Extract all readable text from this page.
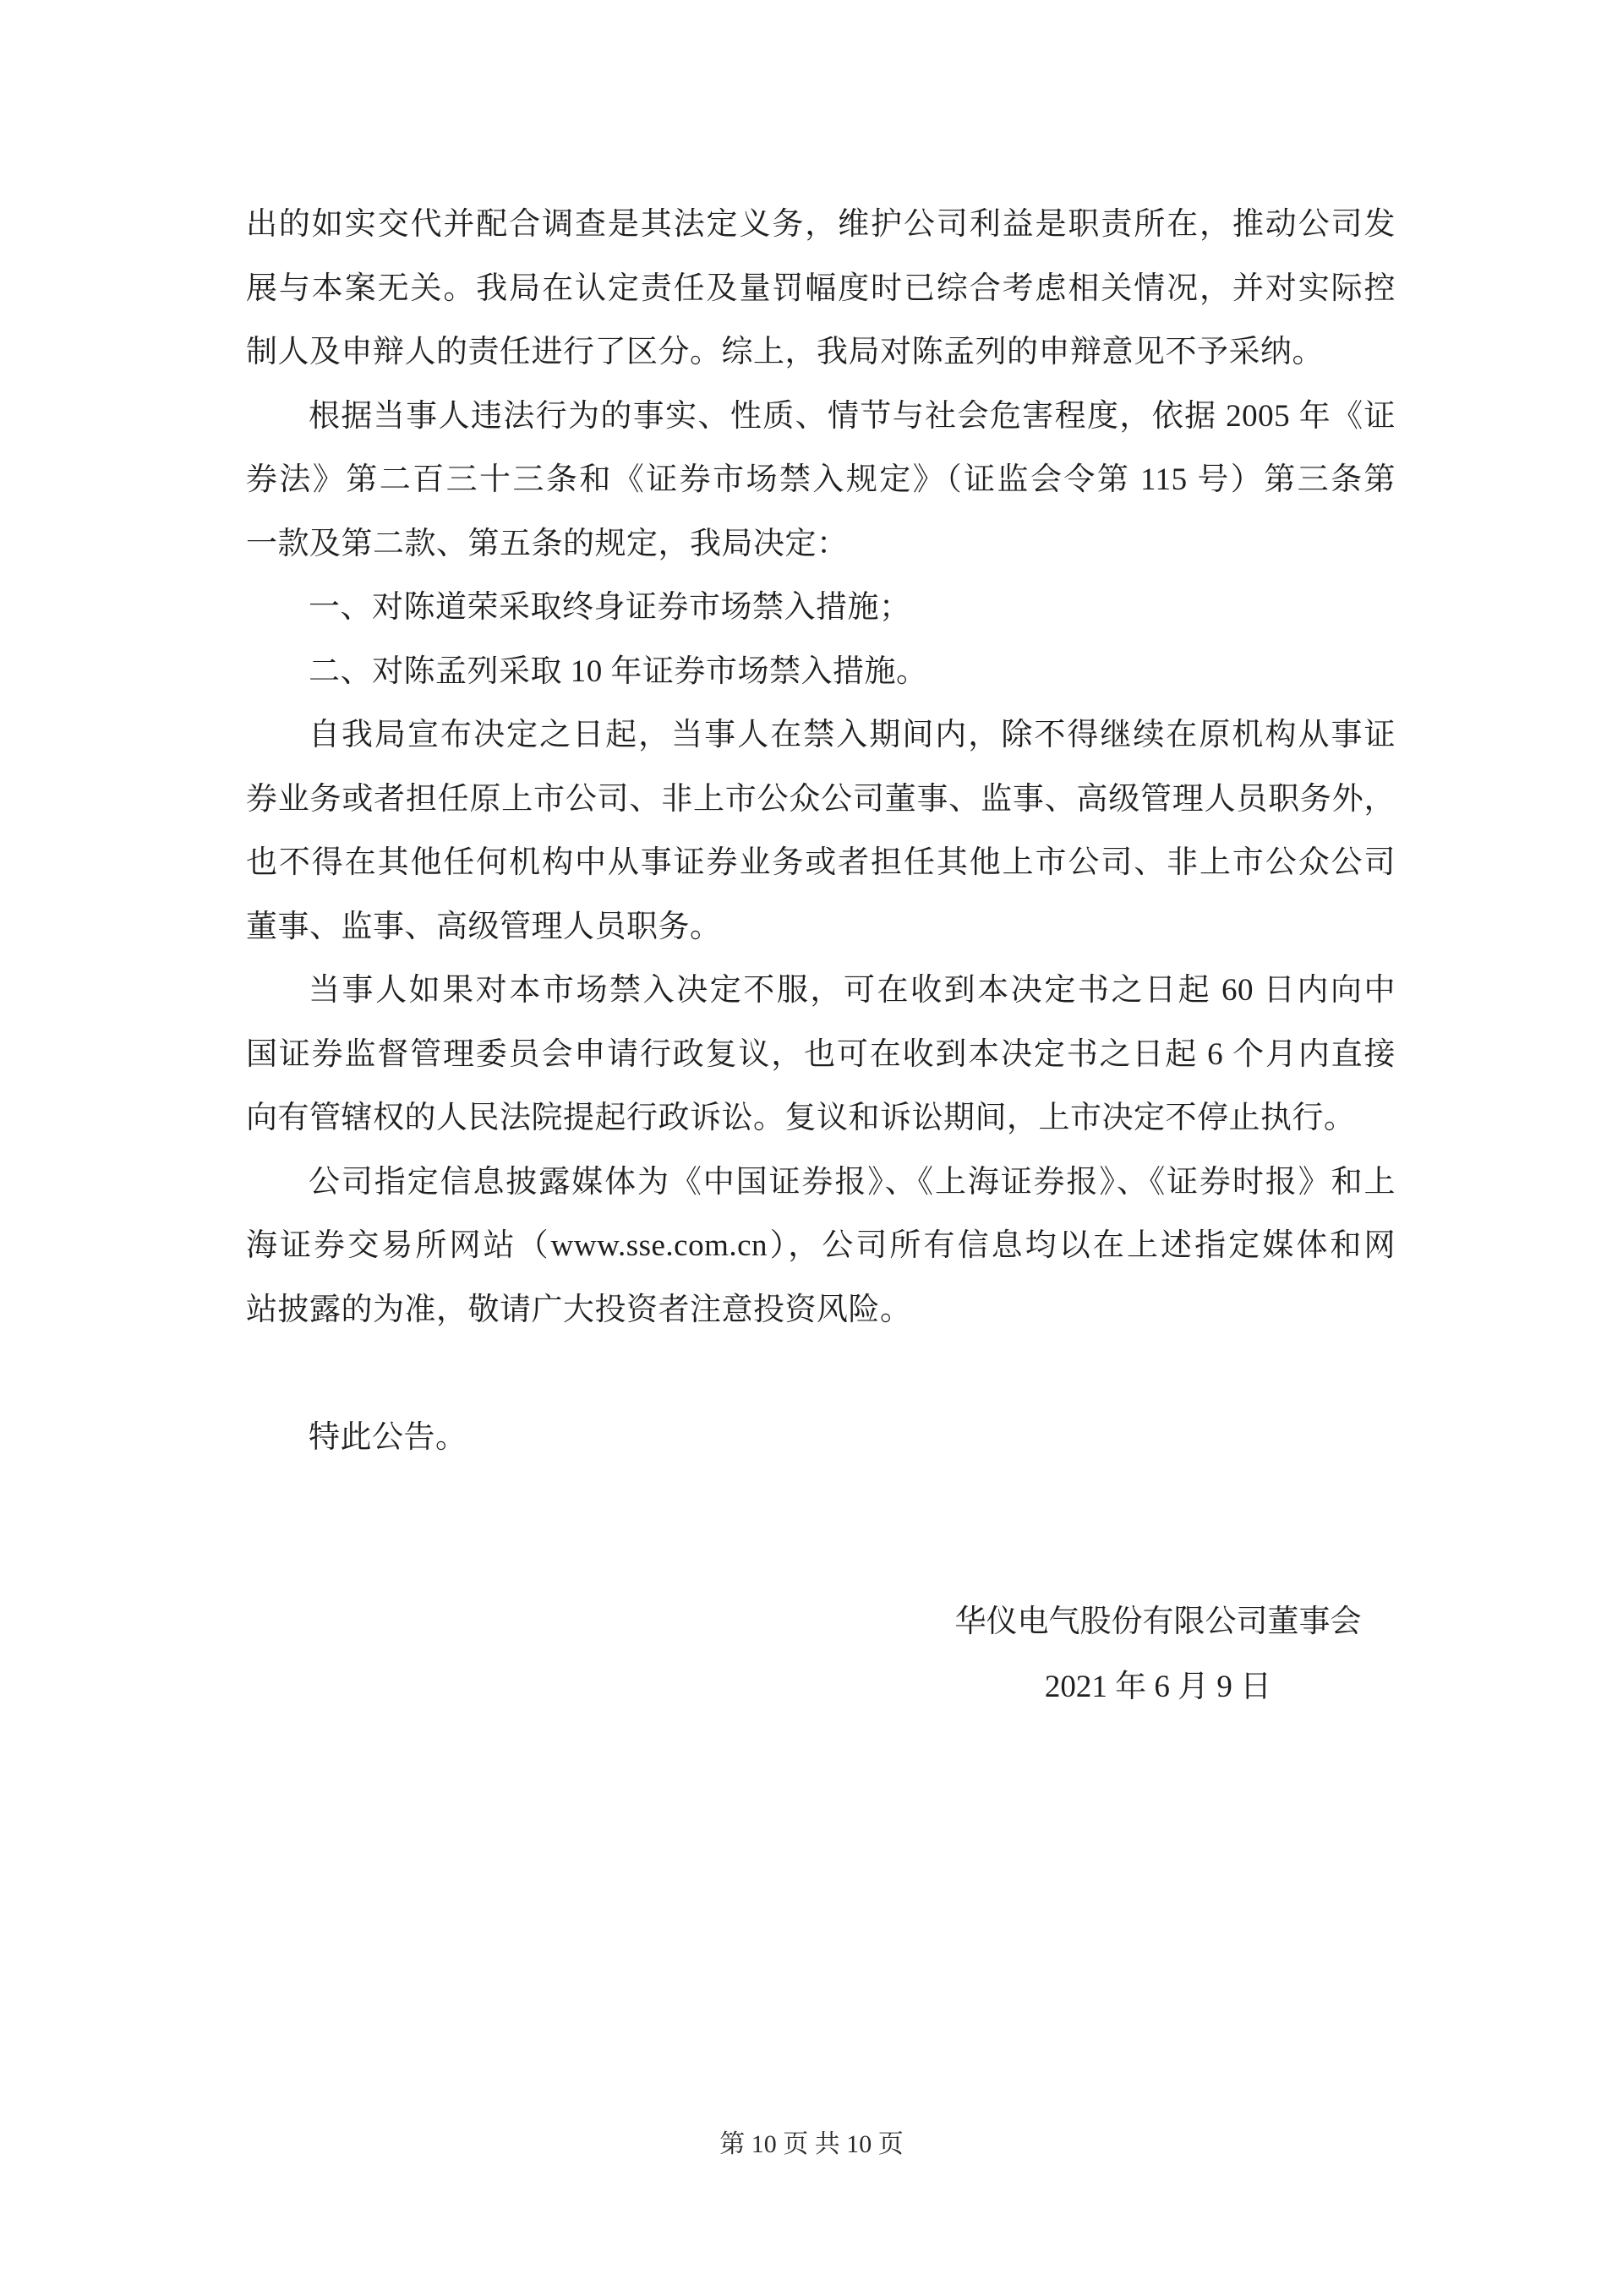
出的如实交代并配合调查是其法定义务，维护公司利益是职责所在，推动公司发
展与本案无关。我局在认定责任及量罚幅度时已综合考虑相关情况，并对实际控
制人及申辩人的责任进行了区分。综上，我局对陈孟列的申辩意见不予采纳。
根据当事人违法行为的事实、性质、情节与社会危害程度，依据 2005 年《证
券法》第二百三十三条和《证券市场禁入规定》（证监会令第 115 号）第三条第
一款及第二款、第五条的规定，我局决定：
一、对陈道荣采取终身证券市场禁入措施；
二、对陈孟列采取 10 年证券市场禁入措施。
自我局宣布决定之日起，当事人在禁入期间内，除不得继续在原机构从事证
券业务或者担任原上市公司、非上市公众公司董事、监事、高级管理人员职务外，
也不得在其他任何机构中从事证券业务或者担任其他上市公司、非上市公众公司
董事、监事、高级管理人员职务。
当事人如果对本市场禁入决定不服，可在收到本决定书之日起 60 日内向中
国证券监督管理委员会申请行政复议，也可在收到本决定书之日起 6 个月内直接
向有管辖权的人民法院提起行政诉讼。复议和诉讼期间，上市决定不停止执行。
公司指定信息披露媒体为《中国证券报》、《上海证券报》、《证券时报》和上
海证券交易所网站（www.sse.com.cn），公司所有信息均以在上述指定媒体和网
站披露的为准，敬请广大投资者注意投资风险。
特此公告。
华仪电气股份有限公司董事会
2021 年 6 月 9 日
第 10 页 共 10 页
